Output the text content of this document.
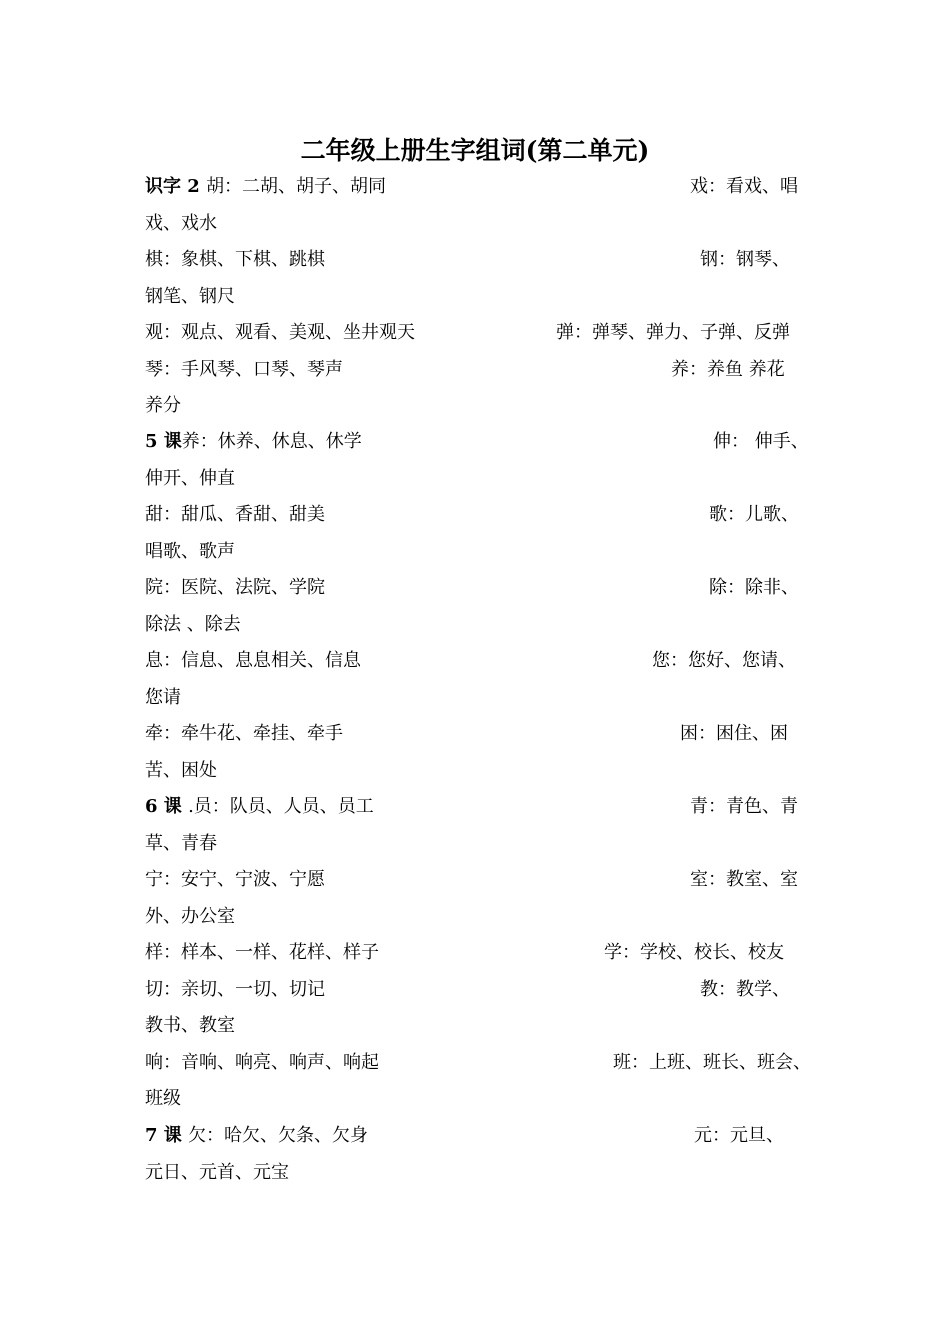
二年级上册生字组词(第二单元)
识字 2 胡：二胡、胡子、胡同	戏：看戏、唱
戏、戏水
棋：象棋、下棋、跳棋	钢：钢琴、
钢笔、钢尺
观：观点、观看、美观、坐井观天	弹：弹琴、弹力、子弹、反弹
琴：手风琴、口琴、琴声	养：养鱼 养花
养分
5 课养：休养、休息、休学	伸： 伸手、
伸开、伸直
甜：甜瓜、香甜、甜美	歌：儿歌、
唱歌、歌声
院：医院、法院、学院	除：除非、
除法 、除去
息：信息、息息相关、信息	您：您好、您请、
您请
牵：牵牛花、牵挂、牵手	困：困住、困
苦、困处
6 课 .员：队员、人员、员工	青：青色、青
草、青春
宁：安宁、宁波、宁愿	室：教室、室
外、办公室
样：样本、一样、花样、样子	学：学校、校长、校友
切：亲切、一切、切记	教：教学、
教书、教室
响：音响、响亮、响声、响起	班：上班、班长、班会、
班级
7 课 欠：哈欠、欠条、欠身	元：元旦、
元日、元首、元宝
